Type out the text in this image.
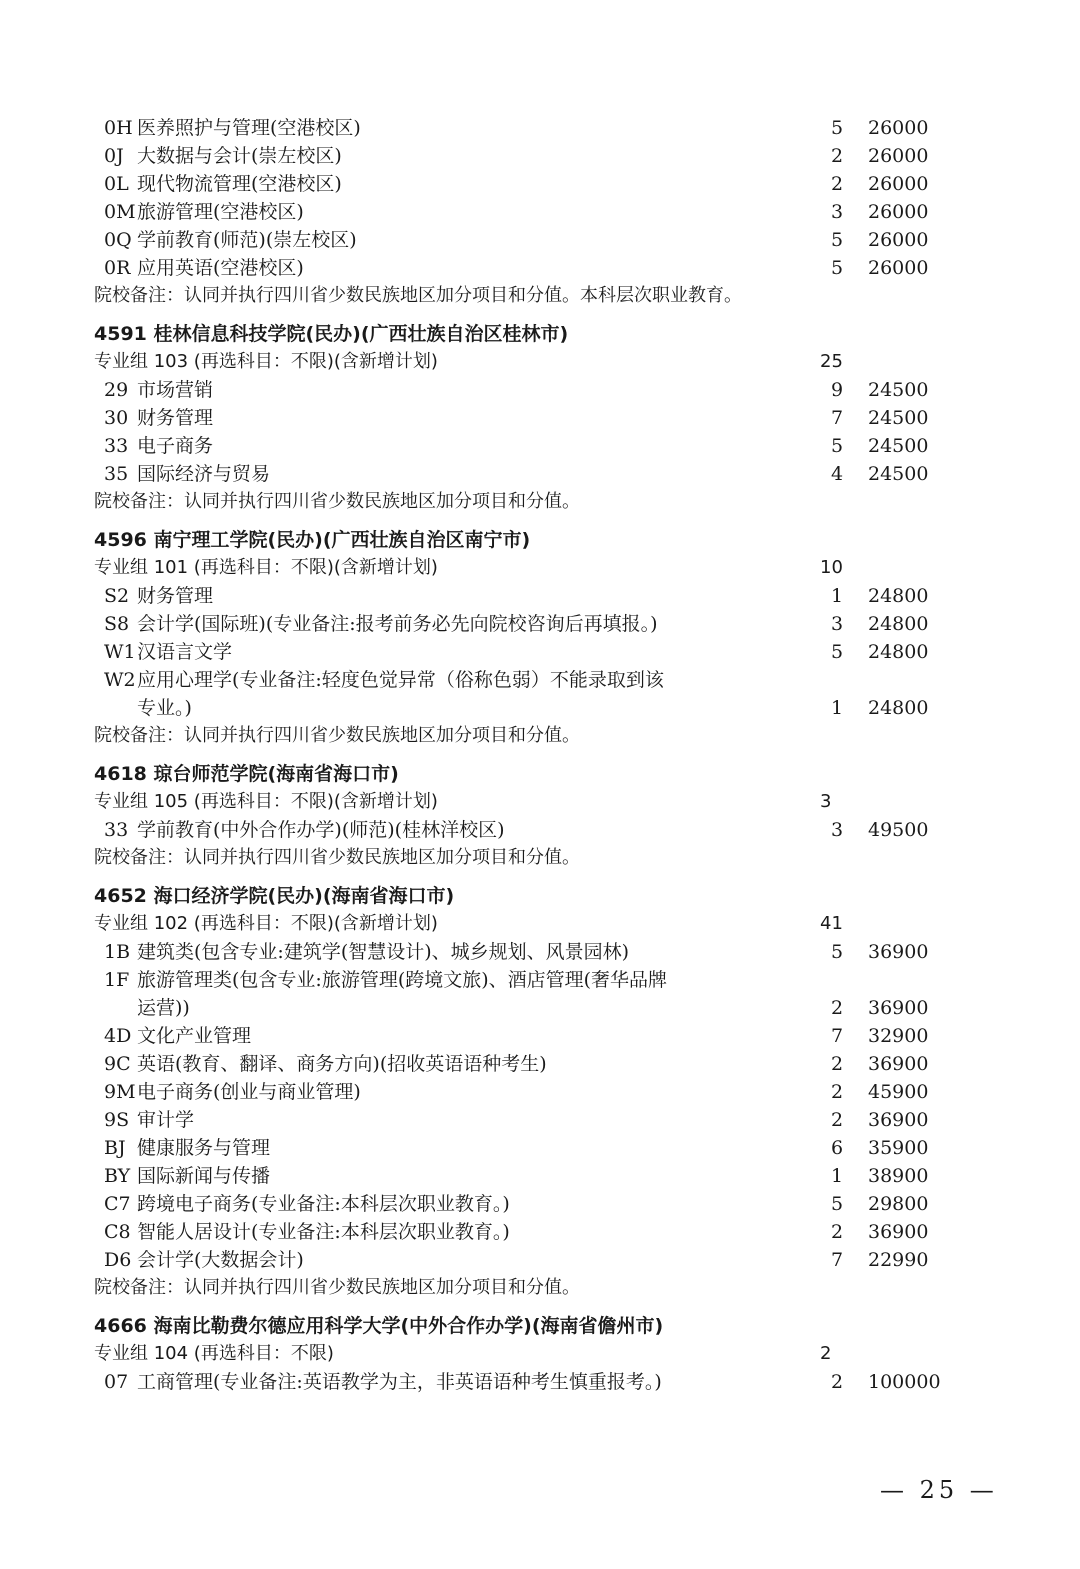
0H 医养照护与管理(空港校区)	5 26000
0J 大数据与会计(崇左校区)	2 26000
0L 现代物流管理(空港校区)	2 26000
0M 旅游管理(空港校区)	3 26000
0Q 学前教育(师范)(崇左校区)	5 26000
0R 应用英语(空港校区)	5 26000
院校备注：认同并执行四川省少数民族地区加分项目和分值。本科层次职业教育。
4591 桂林信息科技学院(民办)(广西壮族自治区桂林市)
专业组 103 (再选科目：不限)(含新增计划)	25
29 市场营销	9 24500
30 财务管理	7 24500
33 电子商务	5 24500
35 国际经济与贸易	4 24500
院校备注：认同并执行四川省少数民族地区加分项目和分值。
4596 南宁理工学院(民办)(广西壮族自治区南宁市)
专业组 101 (再选科目：不限)(含新增计划)	10
S2 财务管理	1 24800
S8 会计学(国际班)(专业备注:报考前务必先向院校咨询后再填报。)	3 24800
W1 汉语言文学	5 24800
W2 应用心理学(专业备注:轻度色觉异常（俗称色弱）不能录取到该
专业。)	1 24800
院校备注：认同并执行四川省少数民族地区加分项目和分值。
4618 琼台师范学院(海南省海口市)
专业组 105 (再选科目：不限)(含新增计划)	3
33 学前教育(中外合作办学)(师范)(桂林洋校区)	3 49500
院校备注：认同并执行四川省少数民族地区加分项目和分值。
4652 海口经济学院(民办)(海南省海口市)
专业组 102 (再选科目：不限)(含新增计划)	41
1B 建筑类(包含专业:建筑学(智慧设计)、城乡规划、风景园林)	5 36900
1F 旅游管理类(包含专业:旅游管理(跨境文旅)、酒店管理(奢华品牌
运营))	2 36900
4D 文化产业管理	7 32900
9C 英语(教育、翻译、商务方向)(招收英语语种考生)	2 36900
9M 电子商务(创业与商业管理)	2 45900
9S 审计学	2 36900
BJ 健康服务与管理	6 35900
BY 国际新闻与传播	1 38900
C7 跨境电子商务(专业备注:本科层次职业教育。)	5 29800
C8 智能人居设计(专业备注:本科层次职业教育。)	2 36900
D6 会计学(大数据会计)	7 22990
院校备注：认同并执行四川省少数民族地区加分项目和分值。
4666 海南比勒费尔德应用科学大学(中外合作办学)(海南省儋州市)
专业组 104 (再选科目：不限)	2
07 工商管理(专业备注:英语教学为主，非英语语种考生慎重报考。)	2 100000
— 25 —
